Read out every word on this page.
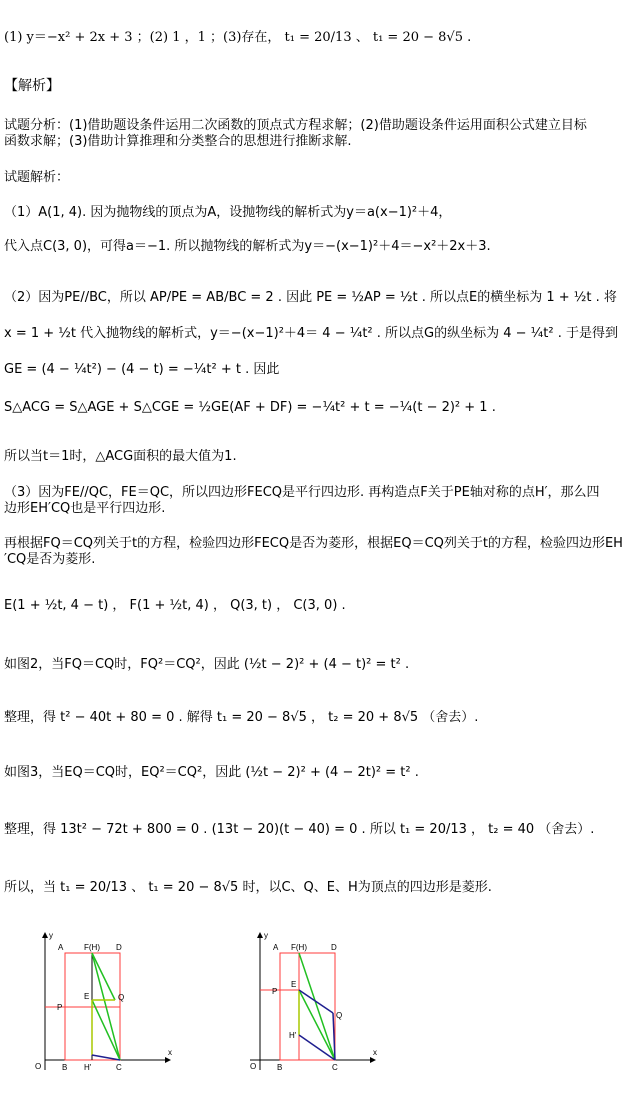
(1) y＝−x² + 2x + 3 ；(2) 1 ，1 ；(3)存在， t₁ = 20/13 、 t₁ = 20 − 8√5 .
【解析】
试题分析：(1)借助题设条件运用二次函数的顶点式方程求解；(2)借助题设条件运用面积公式建立目标
函数求解；(3)借助计算推理和分类整合的思想进行推断求解.
试题解析：
（1）A(1, 4). 因为抛物线的顶点为A，设抛物线的解析式为y＝a(x−1)²＋4，
代入点C(3, 0)，可得a＝−1. 所以抛物线的解析式为y＝−(x−1)²＋4＝−x²＋2x＋3.
（2）因为PE//BC，所以 AP/PE = AB/BC = 2 . 因此 PE = ½AP = ½t . 所以点E的横坐标为 1 + ½t . 将
x = 1 + ½t 代入抛物线的解析式，y＝−(x−1)²＋4＝ 4 − ¼t² . 所以点G的纵坐标为 4 − ¼t² . 于是得到
GE = (4 − ¼t²) − (4 − t) = −¼t² + t . 因此
S△ACG = S△AGE + S△CGE = ½GE(AF + DF) = −¼t² + t = −¼(t − 2)² + 1 .
所以当t＝1时，△ACG面积的最大值为1.
（3）因为FE//QC，FE＝QC，所以四边形FECQ是平行四边形. 再构造点F关于PE轴对称的点H′，那么四
边形EH′CQ也是平行四边形.
再根据FQ＝CQ列关于t的方程，检验四边形FECQ是否为菱形，根据EQ＝CQ列关于t的方程，检验四边形EH
′CQ是否为菱形.
E(1 + ½t, 4 − t) ， F(1 + ½t, 4) ， Q(3, t) ， C(3, 0) .
如图2，当FQ＝CQ时，FQ²＝CQ²，因此 (½t − 2)² + (4 − t)² = t² .
整理，得 t² − 40t + 80 = 0 . 解得 t₁ = 20 − 8√5 ， t₂ = 20 + 8√5 （舍去）.
如图3，当EQ＝CQ时，EQ²＝CQ²，因此 (½t − 2)² + (4 − 2t)² = t² .
整理，得 13t² − 72t + 800 = 0 . (13t − 20)(t − 40) = 0 . 所以 t₁ = 20/13 ， t₂ = 40 （舍去）.
所以，当 t₁ = 20/13 、 t₁ = 20 − 8√5 时，以C、Q、E、H为顶点的四边形是菱形.
y
x
O
A	F(H) D
P
E	Q
B	C
H'
y
x
O
A F(H)	D
P
E
Q
H'
B	C
